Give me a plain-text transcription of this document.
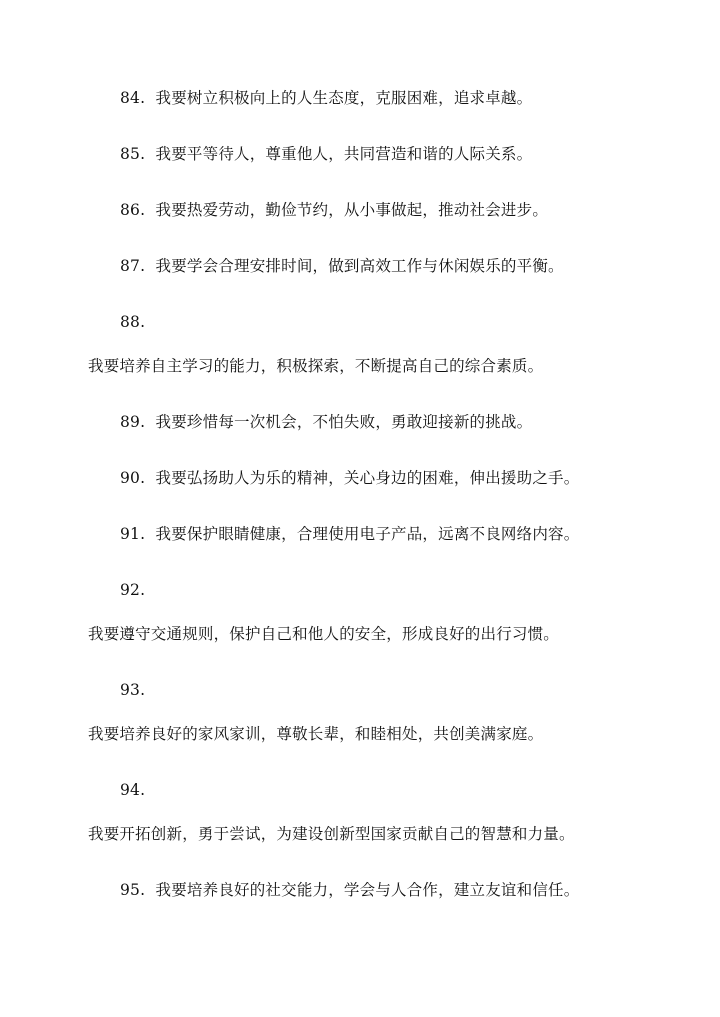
84. 我要树立积极向上的人生态度，克服困难，追求卓越。
85. 我要平等待人，尊重他人，共同营造和谐的人际关系。
86. 我要热爱劳动，勤俭节约，从小事做起，推动社会进步。
87. 我要学会合理安排时间，做到高效工作与休闲娱乐的平衡。
88.
我要培养自主学习的能力，积极探索，不断提高自己的综合素质。
89. 我要珍惜每一次机会，不怕失败，勇敢迎接新的挑战。
90. 我要弘扬助人为乐的精神，关心身边的困难，伸出援助之手。
91. 我要保护眼睛健康，合理使用电子产品，远离不良网络内容。
92.
我要遵守交通规则，保护自己和他人的安全，形成良好的出行习惯。
93.
我要培养良好的家风家训，尊敬长辈，和睦相处，共创美满家庭。
94.
我要开拓创新，勇于尝试，为建设创新型国家贡献自己的智慧和力量。
95. 我要培养良好的社交能力，学会与人合作，建立友谊和信任。
